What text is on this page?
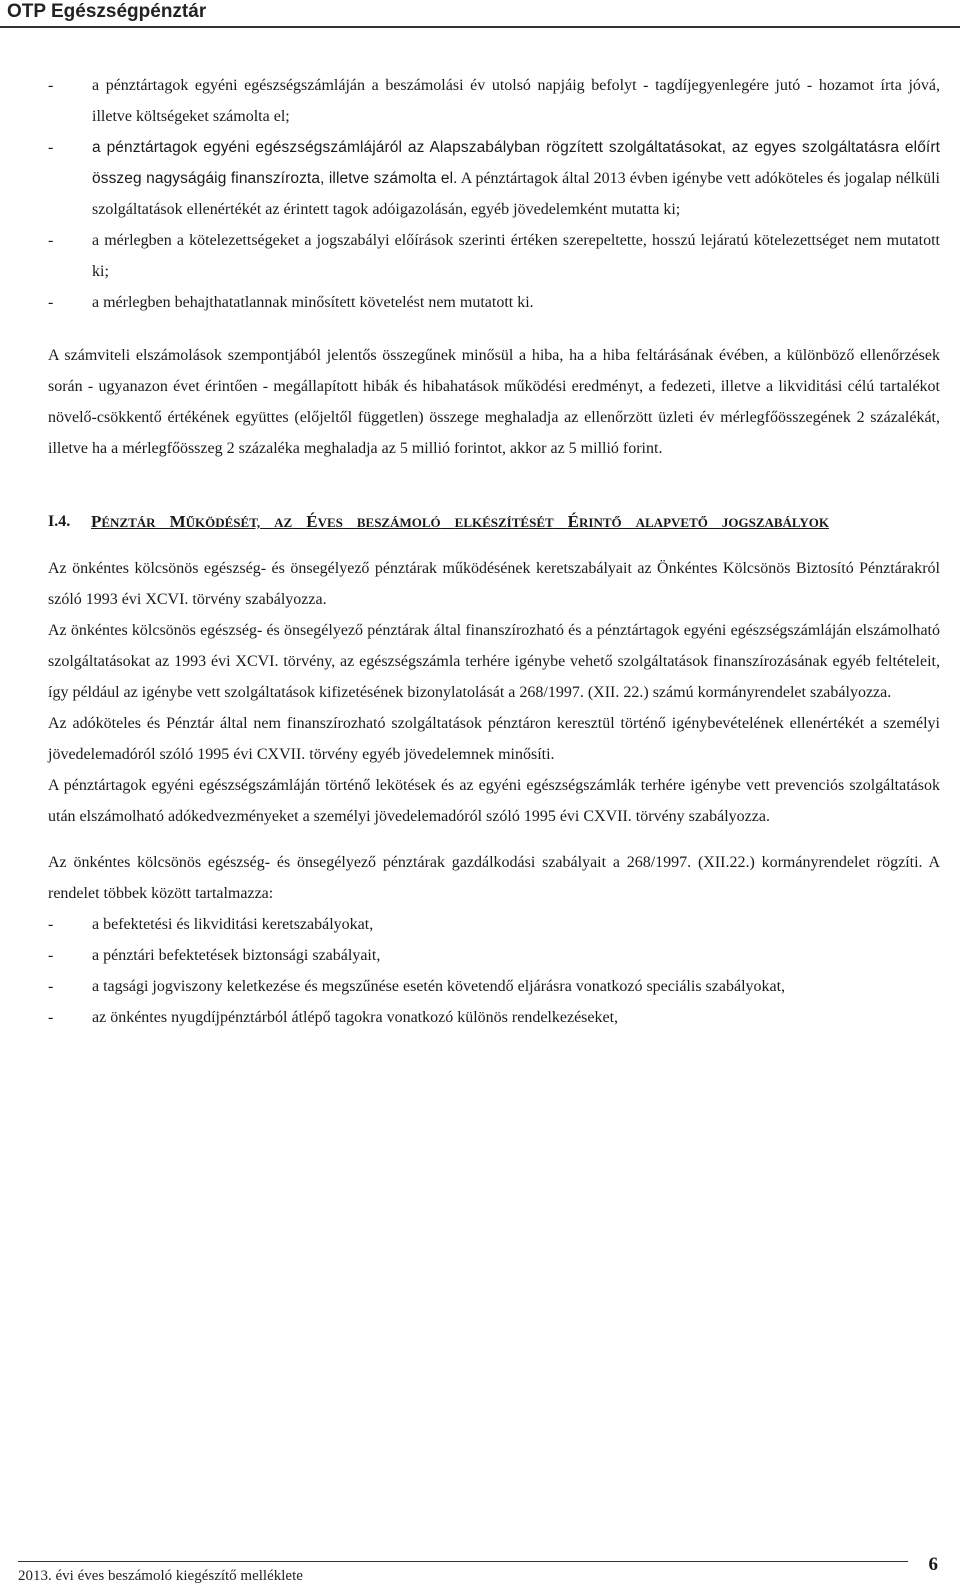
OTP Egészségpénztár

- a pénztártagok egyéni egészségszámláján a beszámolási év utolsó napjáig befolyt - tagdíjegyenlegére jutó - hozamot írta jóvá, illetve költségeket számolta el;

- a pénztártagok egyéni egészségszámlájáról az Alapszabályban rögzített szolgáltatásokat, az egyes szolgáltatásra előírt összeg nagyságáig finanszírozta, illetve számolta el. A pénztártagok által 2013 évben igénybe vett adóköteles és jogalap nélküli szolgáltatások ellenértékét az érintett tagok adóigazolásán, egyéb jövedelemként mutatta ki;

- a mérlegben a kötelezettségeket a jogszabályi előírások szerinti értéken szerepeltette, hosszú lejáratú kötelezettséget nem mutatott ki;

- a mérlegben behajthatatlannak minősített követelést nem mutatott ki.

A számviteli elszámolások szempontjából jelentős összegűnek minősül a hiba, ha a hiba feltárásának évében, a különböző ellenőrzések során - ugyanazon évet érintően - megállapított hibák és hibahatások működési eredményt, a fedezeti, illetve a likviditási célú tartalékot növelő-csökkentő értékének együttes (előjeltől független) összege meghaladja az ellenőrzött üzleti év mérlegfőösszegének 2 százalékát, illetve ha a mérlegfőösszeg 2 százaléka meghaladja az 5 millió forintot, akkor az 5 millió forint.

I.4.	PÉNZTÁR MŰKÖDÉSÉT, AZ ÉVES BESZÁMOLÓ ELKÉSZÍTÉSÉT ÉRINTŐ ALAPVETŐ JOGSZABÁLYOK

Az önkéntes kölcsönös egészség- és önsegélyező pénztárak működésének keretszabályait az Önkéntes Kölcsönös Biztosító Pénztárakról szóló 1993 évi XCVI. törvény szabályozza.

Az önkéntes kölcsönös egészség- és önsegélyező pénztárak által finanszírozható és a pénztártagok egyéni egészségszámláján elszámolható szolgáltatásokat az 1993 évi XCVI. törvény, az egészségszámla terhére igénybe vehető szolgáltatások finanszírozásának egyéb feltételeit, így például az igénybe vett szolgáltatások kifizetésének bizonylatolását a 268/1997. (XII. 22.) számú kormányrendelet szabályozza.

Az adóköteles és Pénztár által nem finanszírozható szolgáltatások pénztáron keresztül történő igénybevételének ellenértékét a személyi jövedelemadóról szóló 1995 évi CXVII. törvény egyéb jövedelemnek minősíti.

A pénztártagok egyéni egészségszámláján történő lekötések és az egyéni egészségszámlák terhére igénybe vett prevenciós szolgáltatások után elszámolható adókedvezményeket a személyi jövedelemadóról szóló 1995 évi CXVII. törvény szabályozza.

Az önkéntes kölcsönös egészség- és önsegélyező pénztárak gazdálkodási szabályait a 268/1997. (XII.22.) kormányrendelet rögzíti. A rendelet többek között tartalmazza:

- a befektetési és likviditási keretszabályokat,

- a pénztári befektetések biztonsági szabályait,

- a tagsági jogviszony keletkezése és megszűnése esetén követendő eljárásra vonatkozó speciális szabályokat,

- az önkéntes nyugdíjpénztárból átlépő tagokra vonatkozó különös rendelkezéseket,

2013. évi éves beszámoló kiegészítő melléklete
6
